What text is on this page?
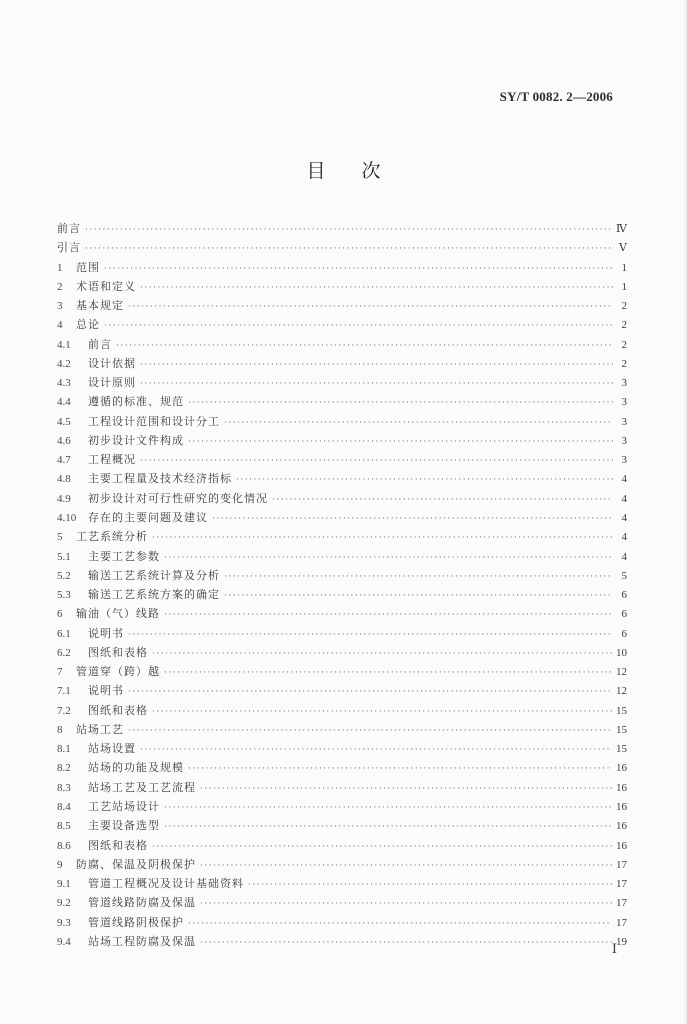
SY/T 0082. 2—2006
目次
前言 ·····	Ⅳ
引言 ·····	Ⅴ
1	范围 ·····	1
2	术语和定义 ·····	1
3	基本规定 ·····	2
4	总论 ·····	2
4.1	前言 ·····	2
4.2	设计依据 ·····	2
4.3	设计原则 ·····	3
4.4	遵循的标准、规范 ·····	3
4.5	工程设计范围和设计分工 ·····	3
4.6	初步设计文件构成 ·····	3
4.7	工程概况 ·····	3
4.8	主要工程量及技术经济指标 ·····	4
4.9	初步设计对可行性研究的变化情况 ·····	4
4.10	存在的主要问题及建议 ·····	4
5	工艺系统分析 ·····	4
5.1	主要工艺参数 ·····	4
5.2	输送工艺系统计算及分析 ·····	5
5.3	输送工艺系统方案的确定 ·····	6
6	输油（气）线路 ·····	6
6.1	说明书 ·····	6
6.2	图纸和表格 ·····	10
7	管道穿（跨）越 ·····	12
7.1	说明书 ·····	12
7.2	图纸和表格 ·····	15
8	站场工艺 ·····	15
8.1	站场设置 ·····	15
8.2	站场的功能及规模 ·····	16
8.3	站场工艺及工艺流程 ·····	16
8.4	工艺站场设计 ·····	16
8.5	主要设备选型 ·····	16
8.6	图纸和表格 ·····	16
9	防腐、保温及阴极保护 ·····	17
9.1	管道工程概况及设计基础资料 ·····	17
9.2	管道线路防腐及保温 ·····	17
9.3	管道线路阴极保护 ·····	17
9.4	站场工程防腐及保温 ·····	19
Ⅰ
